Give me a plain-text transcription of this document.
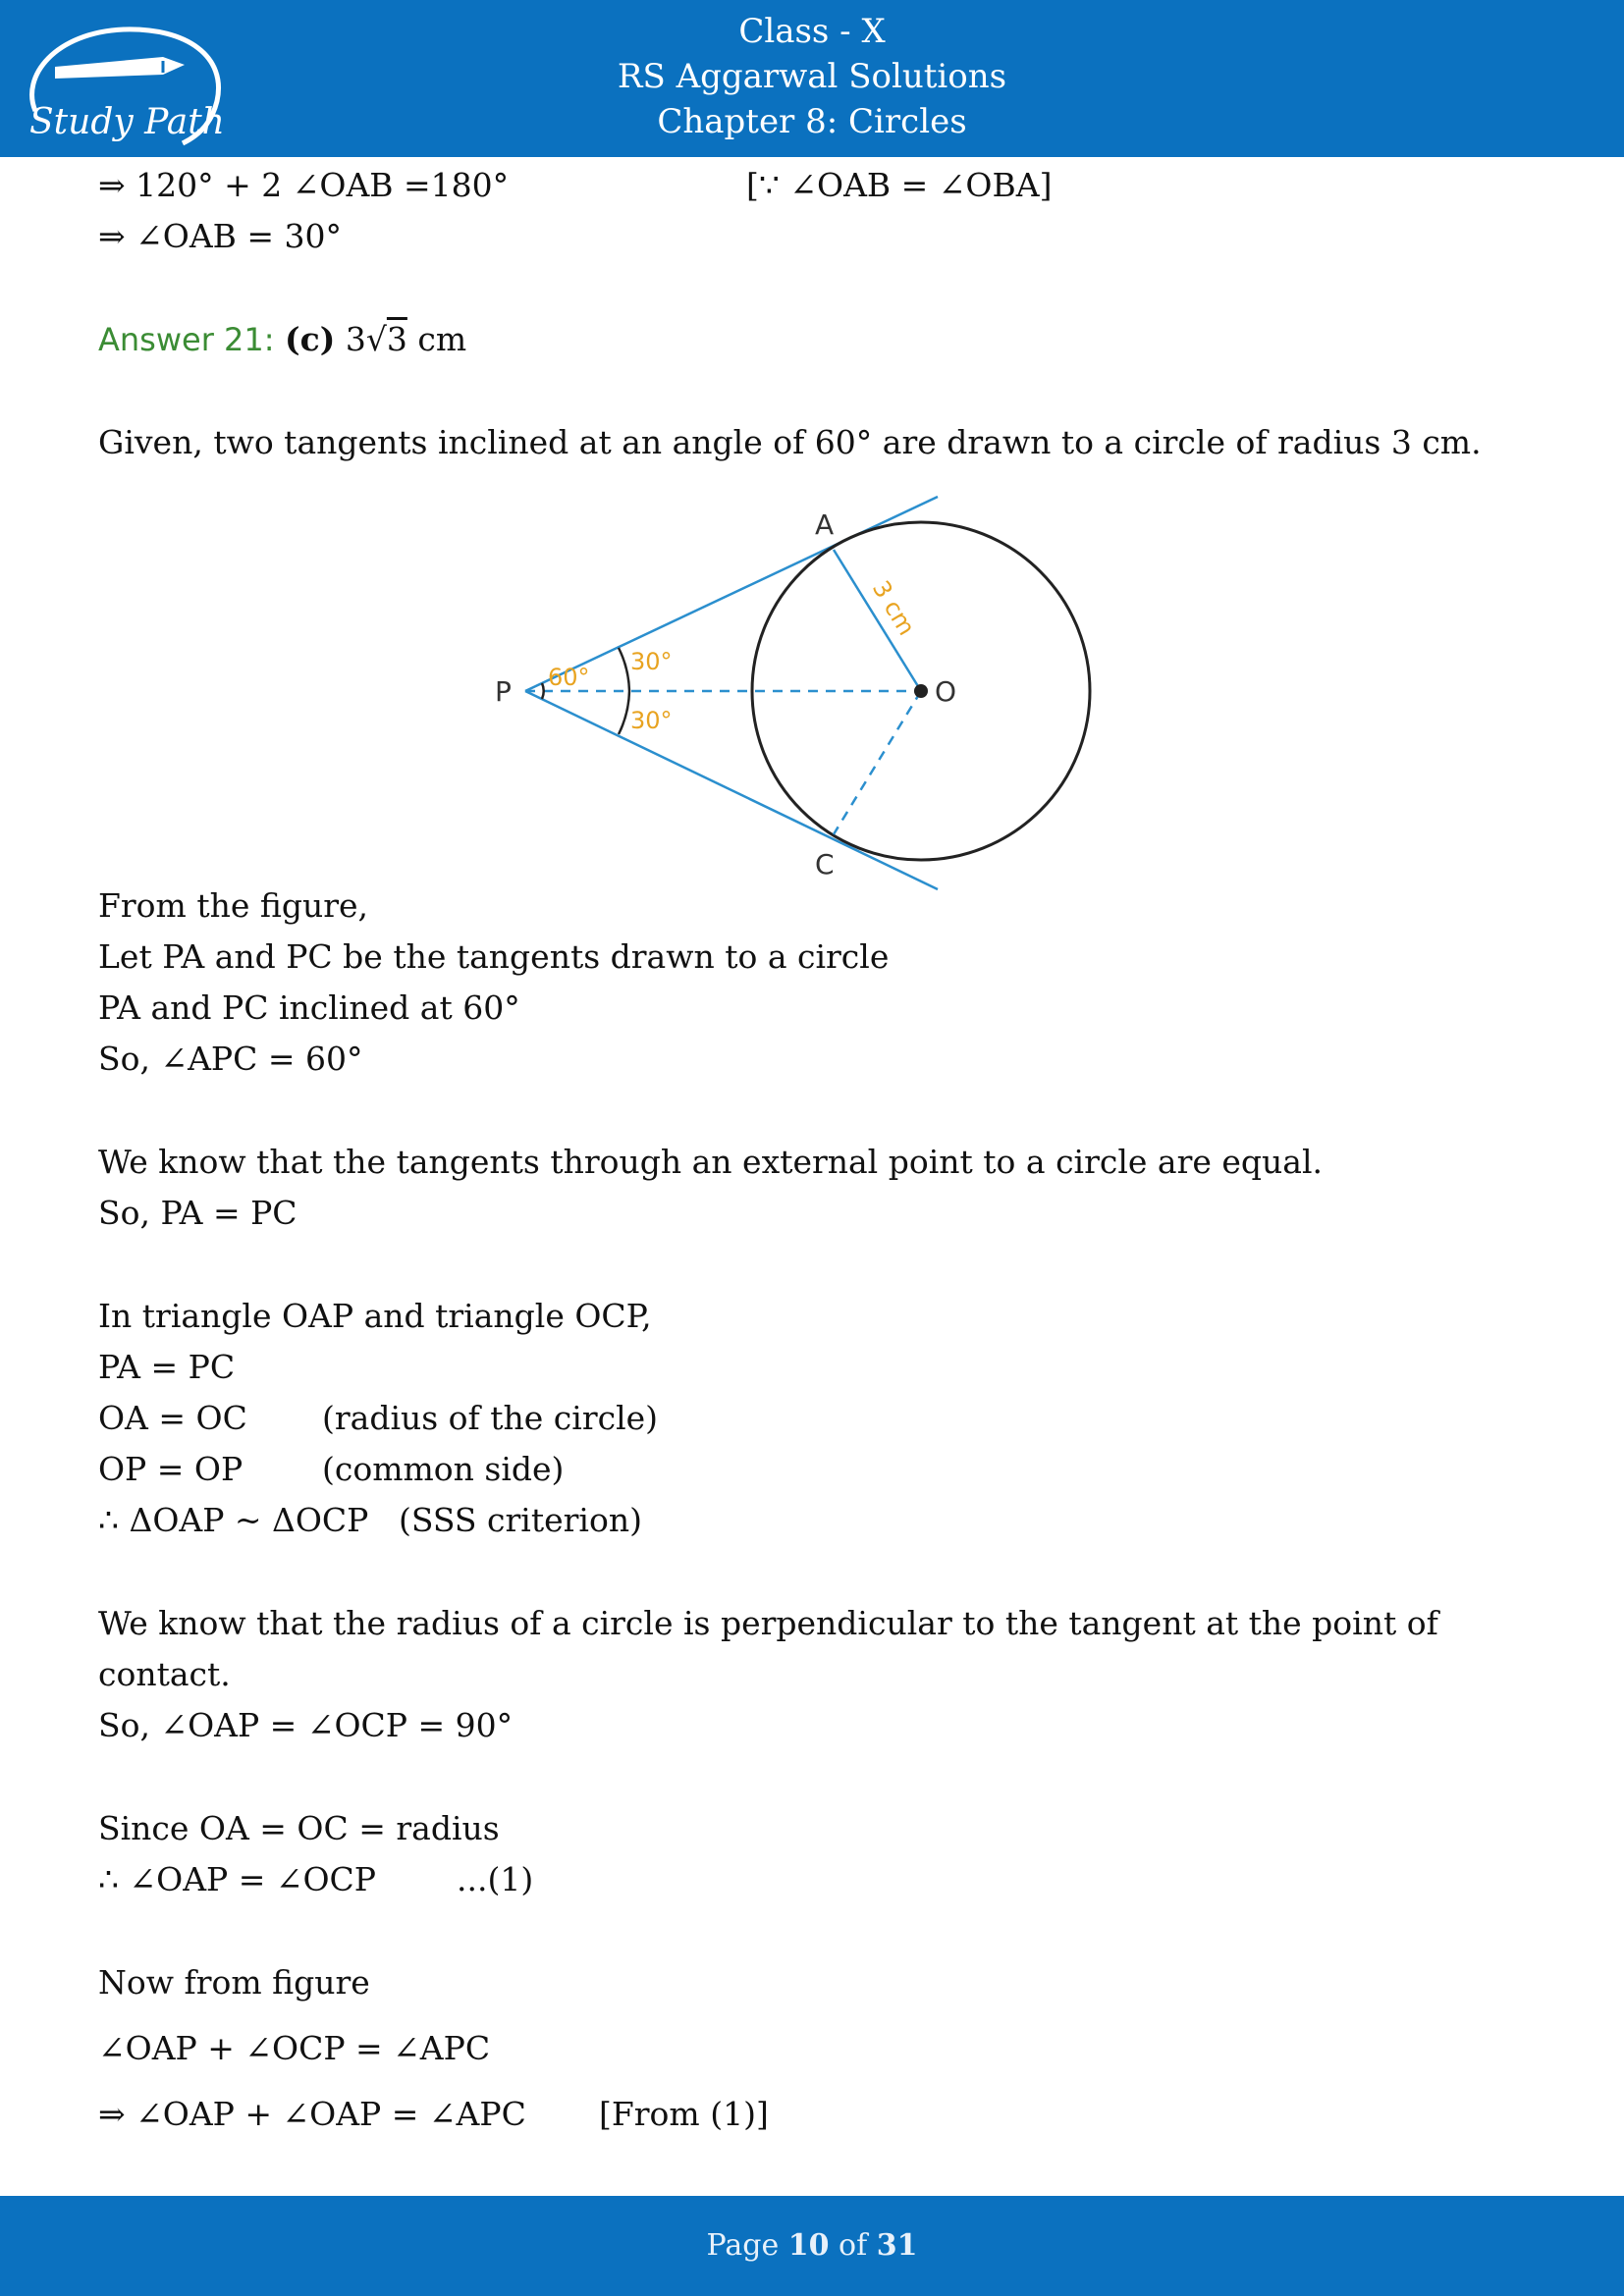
Study Path
Class - X
RS Aggarwal Solutions
Chapter 8: Circles
⇒ 120° + 2 ∠OAB =180°	[∵ ∠OAB = ∠OBA]
⇒ ∠OAB = 30°
Answer 21: (c) 3√3 cm
Given, two tangents inclined at an angle of 60° are drawn to a circle of radius 3 cm.
From the figure,
Let PA and PC be the tangents drawn to a circle
PA and PC inclined at 60°
So, ∠APC = 60°
We know that the tangents through an external point to a circle are equal.
So, PA = PC
In triangle OAP and triangle OCP,
PA = PC
OA = OC (radius of the circle)
OP = OP (common side)
∴ ΔOAP ~ ΔOCP (SSS criterion)
We know that the radius of a circle is perpendicular to the tangent at the point of contact.
So, ∠OAP = ∠OCP = 90°
Since OA = OC = radius
∴ ∠OAP = ∠OCP ...(1)
Now from figure
∠OAP + ∠OCP = ∠APC
⇒ ∠OAP + ∠OAP = ∠APC [From (1)]
A
P	O
C
60°
30°
30°
3 cm
Page 10 of 31
